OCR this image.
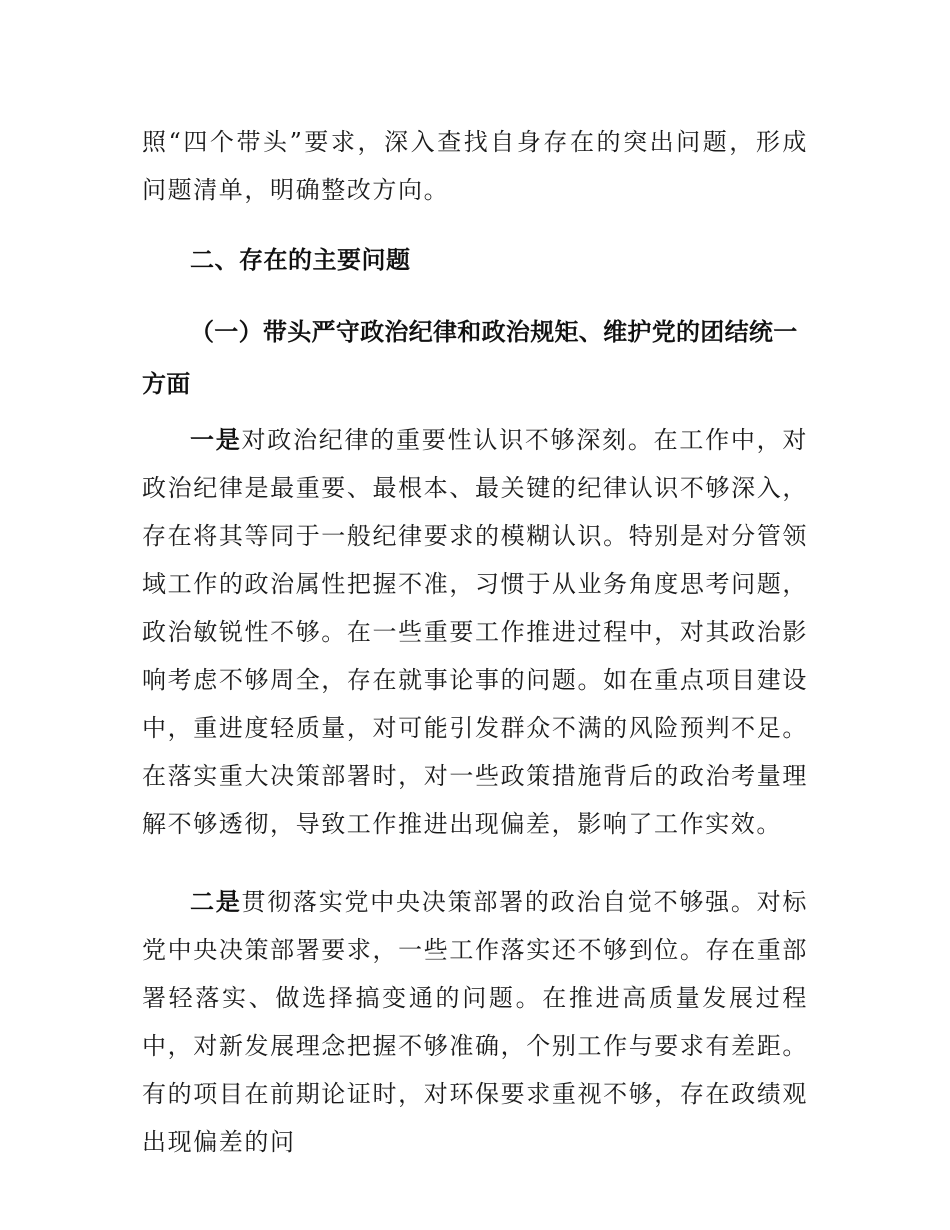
照“四个带头”要求，深入查找自身存在的突出问题，形成问题清单，明确整改方向。

二、存在的主要问题
（一）带头严守政治纪律和政治规矩、维护党的团结统一方面

一是对政治纪律的重要性认识不够深刻。在工作中，对政治纪律是最重要、最根本、最关键的纪律认识不够深入，存在将其等同于一般纪律要求的模糊认识。特别是对分管领域工作的政治属性把握不准，习惯于从业务角度思考问题，政治敏锐性不够。在一些重要工作推进过程中，对其政治影响考虑不够周全，存在就事论事的问题。如在重点项目建设中，重进度轻质量，对可能引发群众不满的风险预判不足。在落实重大决策部署时，对一些政策措施背后的政治考量理解不够透彻，导致工作推进出现偏差，影响了工作实效。

二是贯彻落实党中央决策部署的政治自觉不够强。对标党中央决策部署要求，一些工作落实还不够到位。存在重部署轻落实、做选择搞变通的问题。在推进高质量发展过程中，对新发展理念把握不够准确，个别工作与要求有差距。有的项目在前期论证时，对环保要求重视不够，存在政绩观出现偏差的问
